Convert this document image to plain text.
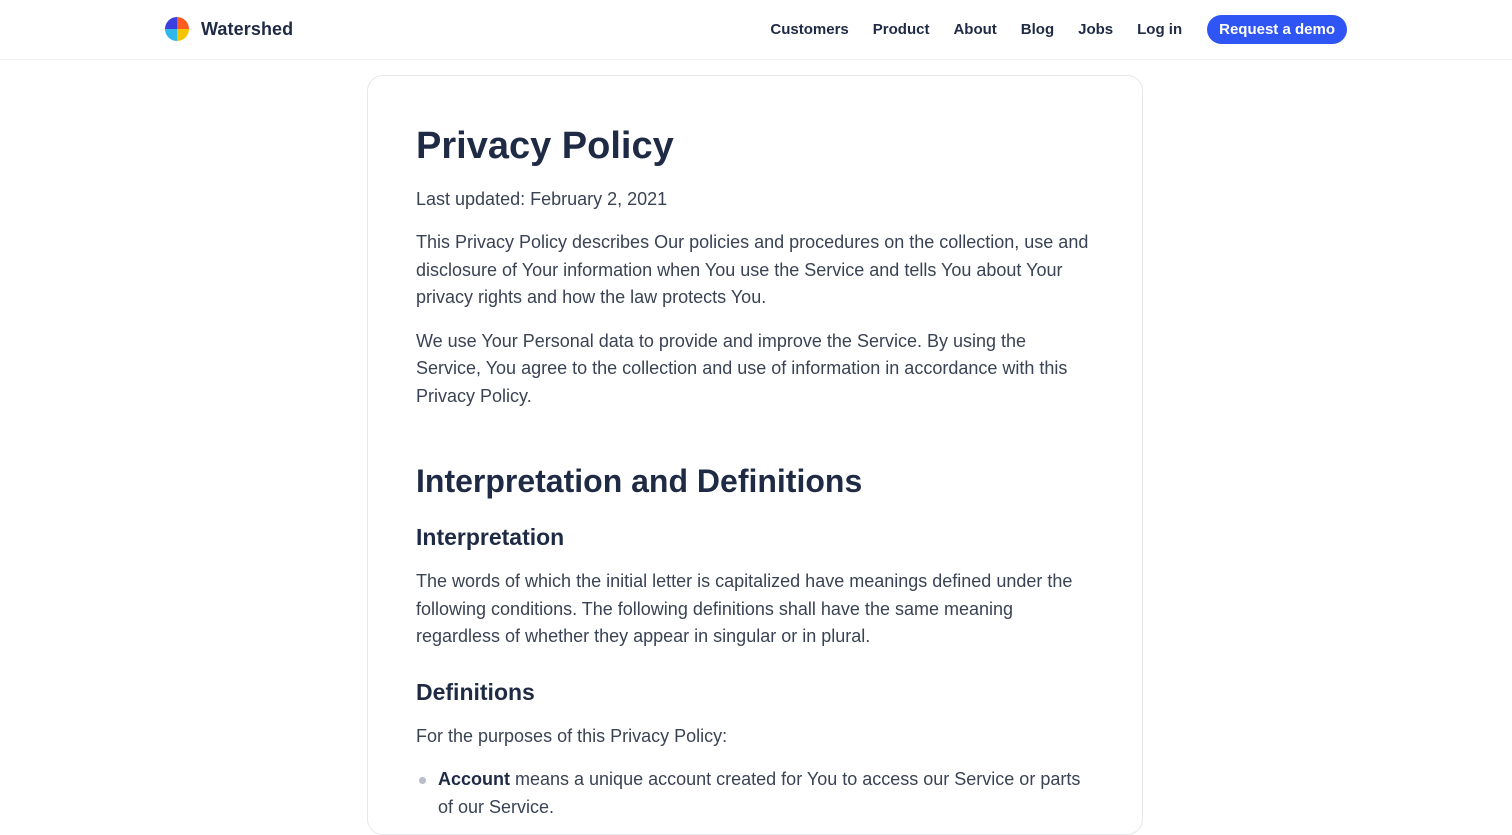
Watershed	Customers Product About Blog Jobs Log in	Request a demo
Privacy Policy

Last updated: February 2, 2021

This Privacy Policy describes Our policies and procedures on the collection, use and disclosure of Your information when You use the Service and tells You about Your privacy rights and how the law protects You.

We use Your Personal data to provide and improve the Service. By using the Service, You agree to the collection and use of information in accordance with this Privacy Policy.

Interpretation and Definitions
Interpretation

The words of which the initial letter is capitalized have meanings defined under the following conditions. The following definitions shall have the same meaning regardless of whether they appear in singular or in plural.

Definitions

For the purposes of this Privacy Policy:

Account means a unique account created for You to access our Service or parts of our Service.
